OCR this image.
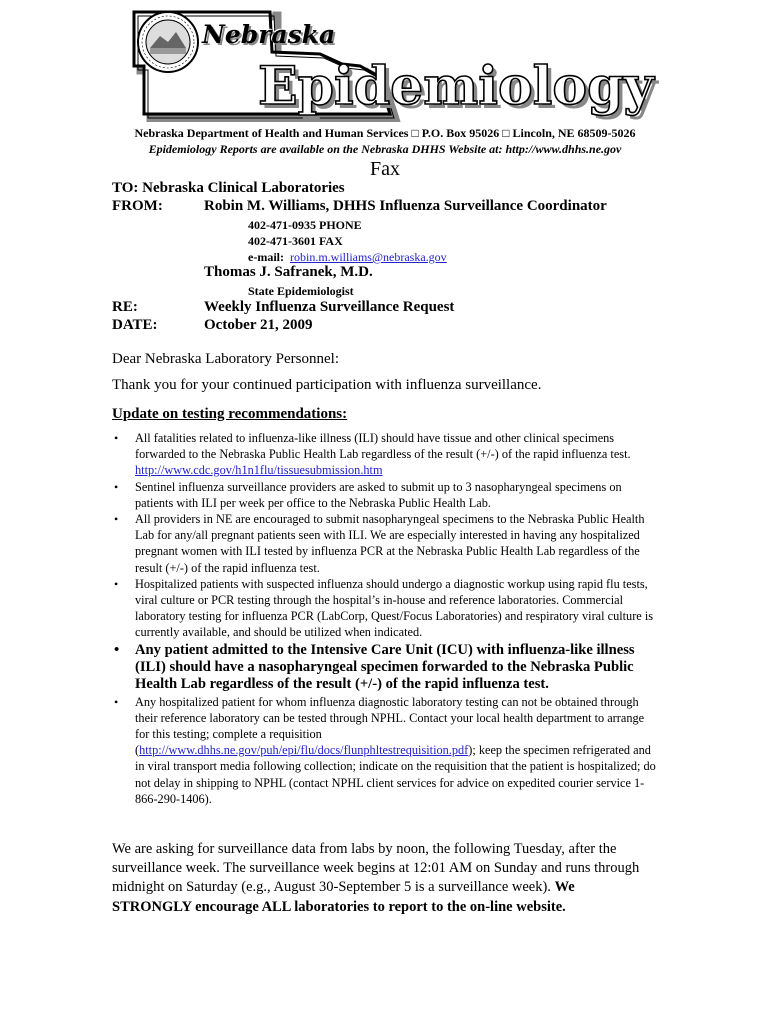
Nebraska
Epidemiology
Nebraska Department of Health and Human Services □ P.O. Box 95026 □ Lincoln, NE 68509-5026
Epidemiology Reports are available on the Nebraska DHHS Website at: http://www.dhhs.ne.gov
Fax
TO: Nebraska Clinical Laboratories
FROM:	Robin M. Williams, DHHS Influenza Surveillance Coordinator
402-471-0935 PHONE
402-471-3601 FAX
e-mail: robin.m.williams@nebraska.gov
Thomas J. Safranek, M.D.
State Epidemiologist
RE:	Weekly Influenza Surveillance Request
DATE:	October 21, 2009
Dear Nebraska Laboratory Personnel:
Thank you for your continued participation with influenza surveillance.
Update on testing recommendations:
• All fatalities related to influenza-like illness (ILI) should have tissue and other clinical specimens forwarded to the Nebraska Public Health Lab regardless of the result (+/-) of the rapid influenza test.  http://www.cdc.gov/h1n1flu/tissuesubmission.htm
• Sentinel influenza surveillance providers are asked to submit up to 3 nasopharyngeal specimens on patients with ILI per week per office to the Nebraska Public Health Lab.
• All providers in NE are encouraged to submit nasopharyngeal specimens to the Nebraska Public Health Lab for any/all pregnant patients seen with ILI. We are especially interested in having any hospitalized pregnant women with ILI tested by influenza PCR at the Nebraska Public Health Lab regardless of the result (+/-) of the rapid influenza test.
• Hospitalized patients with suspected influenza should undergo a diagnostic workup using rapid flu tests, viral culture or PCR testing through the hospital’s in-house and reference laboratories. Commercial laboratory testing for influenza PCR (LabCorp, Quest/Focus Laboratories) and respiratory viral culture is currently available, and should be utilized when indicated.
• Any patient admitted to the Intensive Care Unit (ICU) with influenza-like illness (ILI) should have a nasopharyngeal specimen forwarded to the Nebraska Public Health Lab regardless of the result (+/-) of the rapid influenza test.
• Any hospitalized patient for whom influenza diagnostic laboratory testing can not be obtained through their reference laboratory can be tested through NPHL. Contact your local health department to arrange for this testing; complete a requisition (http://www.dhhs.ne.gov/puh/epi/flu/docs/flunphltestrequisition.pdf); keep the specimen refrigerated and in viral transport media following collection; indicate on the requisition that the patient is hospitalized; do not delay in shipping to NPHL (contact NPHL client services for advice on expedited courier service 1-866-290-1406).
We are asking for surveillance data from labs by noon, the following Tuesday, after the surveillance week. The surveillance week begins at 12:01 AM on Sunday and runs through midnight on Saturday (e.g., August 30-September 5 is a surveillance week). We STRONGLY encourage ALL laboratories to report to the on-line website.
